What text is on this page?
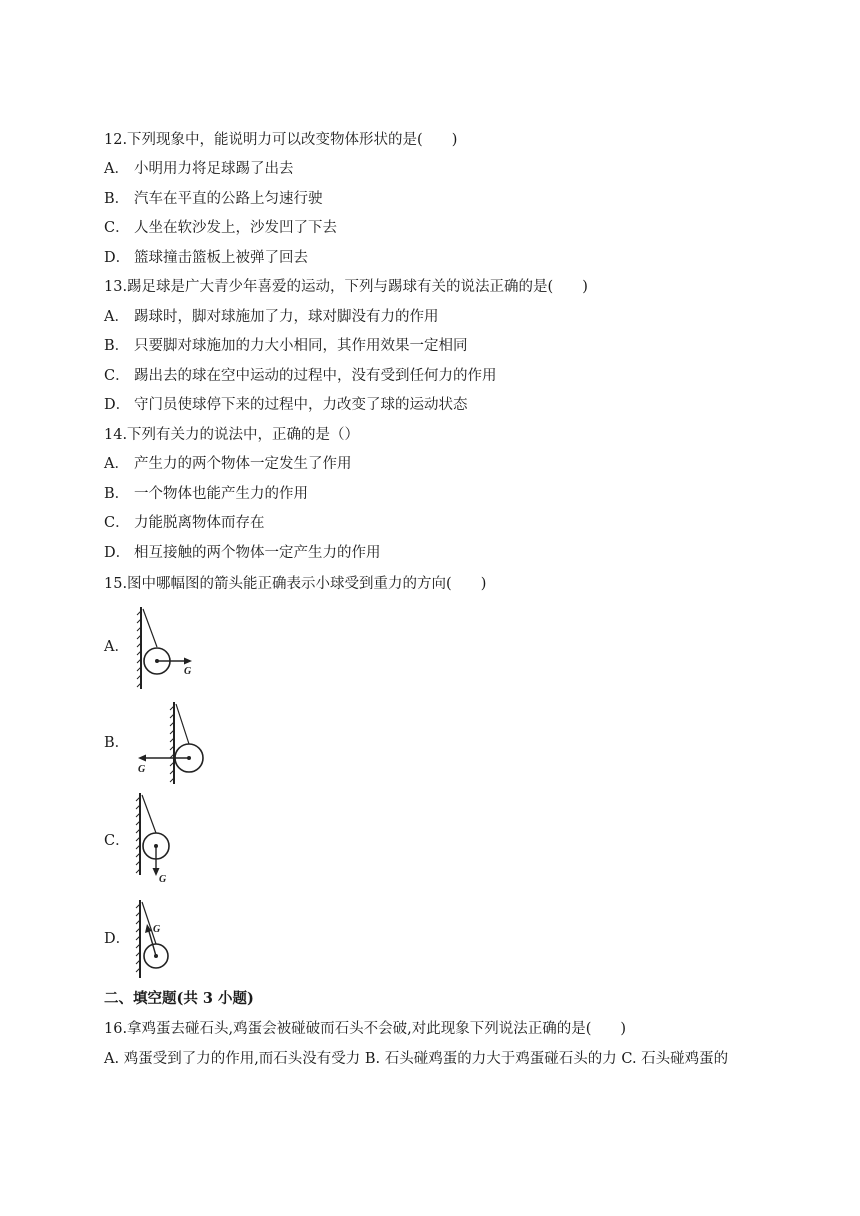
12.下列现象中，能说明力可以改变物体形状的是(　　)
A． 小明用力将足球踢了出去
B． 汽车在平直的公路上匀速行驶
C． 人坐在软沙发上，沙发凹了下去
D． 篮球撞击篮板上被弹了回去
13.踢足球是广大青少年喜爱的运动，下列与踢球有关的说法正确的是(　　)
A． 踢球时，脚对球施加了力，球对脚没有力的作用
B． 只要脚对球施加的力大小相同，其作用效果一定相同
C． 踢出去的球在空中运动的过程中，没有受到任何力的作用
D． 守门员使球停下来的过程中，力改变了球的运动状态
14.下列有关力的说法中，正确的是（）
A． 产生力的两个物体一定发生了作用
B． 一个物体也能产生力的作用
C． 力能脱离物体而存在
D． 相互接触的两个物体一定产生力的作用
15.图中哪幅图的箭头能正确表示小球受到重力的方向(　　)
A．
G
B．
G
C．
G
D．
G
二、填空题(共 3 小题)
16.拿鸡蛋去碰石头,鸡蛋会被碰破而石头不会破,对此现象下列说法正确的是(　　)
A. 鸡蛋受到了力的作用,而石头没有受力 B. 石头碰鸡蛋的力大于鸡蛋碰石头的力 C. 石头碰鸡蛋的
